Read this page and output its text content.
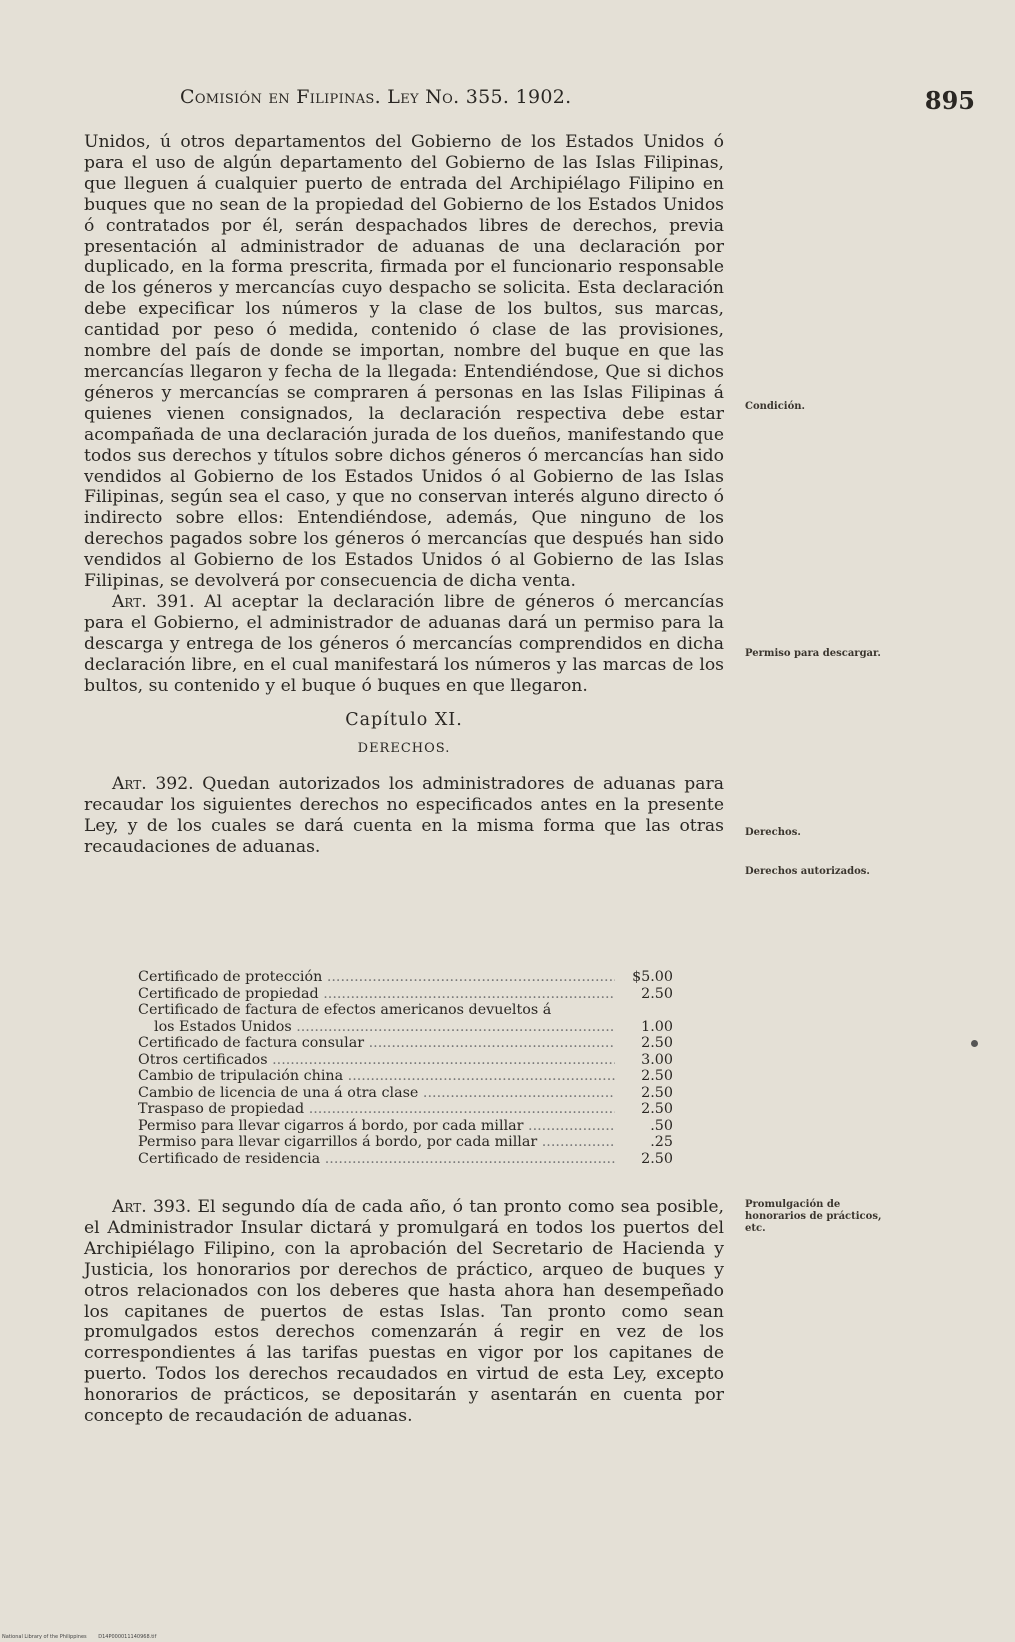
Comisión en Filipinas. Ley No. 355. 1902.	895

Unidos, ú otros departamentos del Gobierno de los Estados Unidos ó para el uso de algún departamento del Gobierno de las Islas Filipinas, que lleguen á cualquier puerto de entrada del Archipiélago Filipino en buques que no sean de la propiedad del Gobierno de los Estados Unidos ó contratados por él, serán despachados libres de derechos, previa presentación al administrador de aduanas de una declaración por duplicado, en la forma prescrita, firmada por el funcionario responsable de los géneros y mercancías cuyo despacho se solicita. Esta declaración debe expecificar los números y la clase de los bultos, sus marcas, cantidad por peso ó medida, contenido ó clase de las provisiones, nombre del país de donde se importan, nombre del buque en que las mercancías llegaron y fecha de la llegada: Entendiéndose, Que si dichos géneros y mercancías se compraren á personas en las Islas Filipinas á quienes vienen consignados, la declaración respectiva debe estar acompañada de una declaración jurada de los dueños, manifestando que todos sus derechos y títulos sobre dichos géneros ó mercancías han sido vendidos al Gobierno de los Estados Unidos ó al Gobierno de las Islas Filipinas, según sea el caso, y que no conservan interés alguno directo ó indirecto sobre ellos: Entendiéndose, además, Que ninguno de los derechos pagados sobre los géneros ó mercancías que después han sido vendidos al Gobierno de los Estados Unidos ó al Gobierno de las Islas Filipinas, se devolverá por consecuencia de dicha venta.

Art. 391. Al aceptar la declaración libre de géneros ó mercancías para el Gobierno, el administrador de aduanas dará un permiso para la descarga y entrega de los géneros ó mercancías comprendidos en dicha declaración libre, en el cual manifestará los números y las marcas de los bultos, su contenido y el buque ó buques en que llegaron.

Capítulo XI.
DERECHOS.

Art. 392. Quedan autorizados los administradores de aduanas para recaudar los siguientes derechos no especificados antes en la presente Ley, y de los cuales se dará cuenta en la misma forma que las otras recaudaciones de aduanas.

Certificado de protección .....	$5.00
Certificado de propiedad .....	2.50
Certificado de factura de efectos americanos devueltos á
los Estados Unidos .....	1.00
Certificado de factura consular .....	2.50
Otros certificados .....	3.00
Cambio de tripulación china .....	2.50
Cambio de licencia de una á otra clase .....	2.50
Traspaso de propiedad .....	2.50
Permiso para llevar cigarros á bordo, por cada millar .....	.50
Permiso para llevar cigarrillos á bordo, por cada millar .....	.25
Certificado de residencia .....	2.50

Art. 393. El segundo día de cada año, ó tan pronto como sea posible, el Administrador Insular dictará y promulgará en todos los puertos del Archipiélago Filipino, con la aprobación del Secretario de Hacienda y Justicia, los honorarios por derechos de práctico, arqueo de buques y otros relacionados con los deberes que hasta ahora han desempeñado los capitanes de puertos de estas Islas. Tan pronto como sean promulgados estos derechos comenzarán á regir en vez de los correspondientes á las tarifas puestas en vigor por los capitanes de puerto. Todos los derechos recaudados en virtud de esta Ley, excepto honorarios de prácticos, se depositarán y asentarán en cuenta por concepto de recaudación de aduanas.

Condición.
Permiso para descargar.
Derechos.
Derechos autorizados.
Promulgación de honorarios de prácticos, etc.
National Library of the Philippines D14P000011140968.tif
